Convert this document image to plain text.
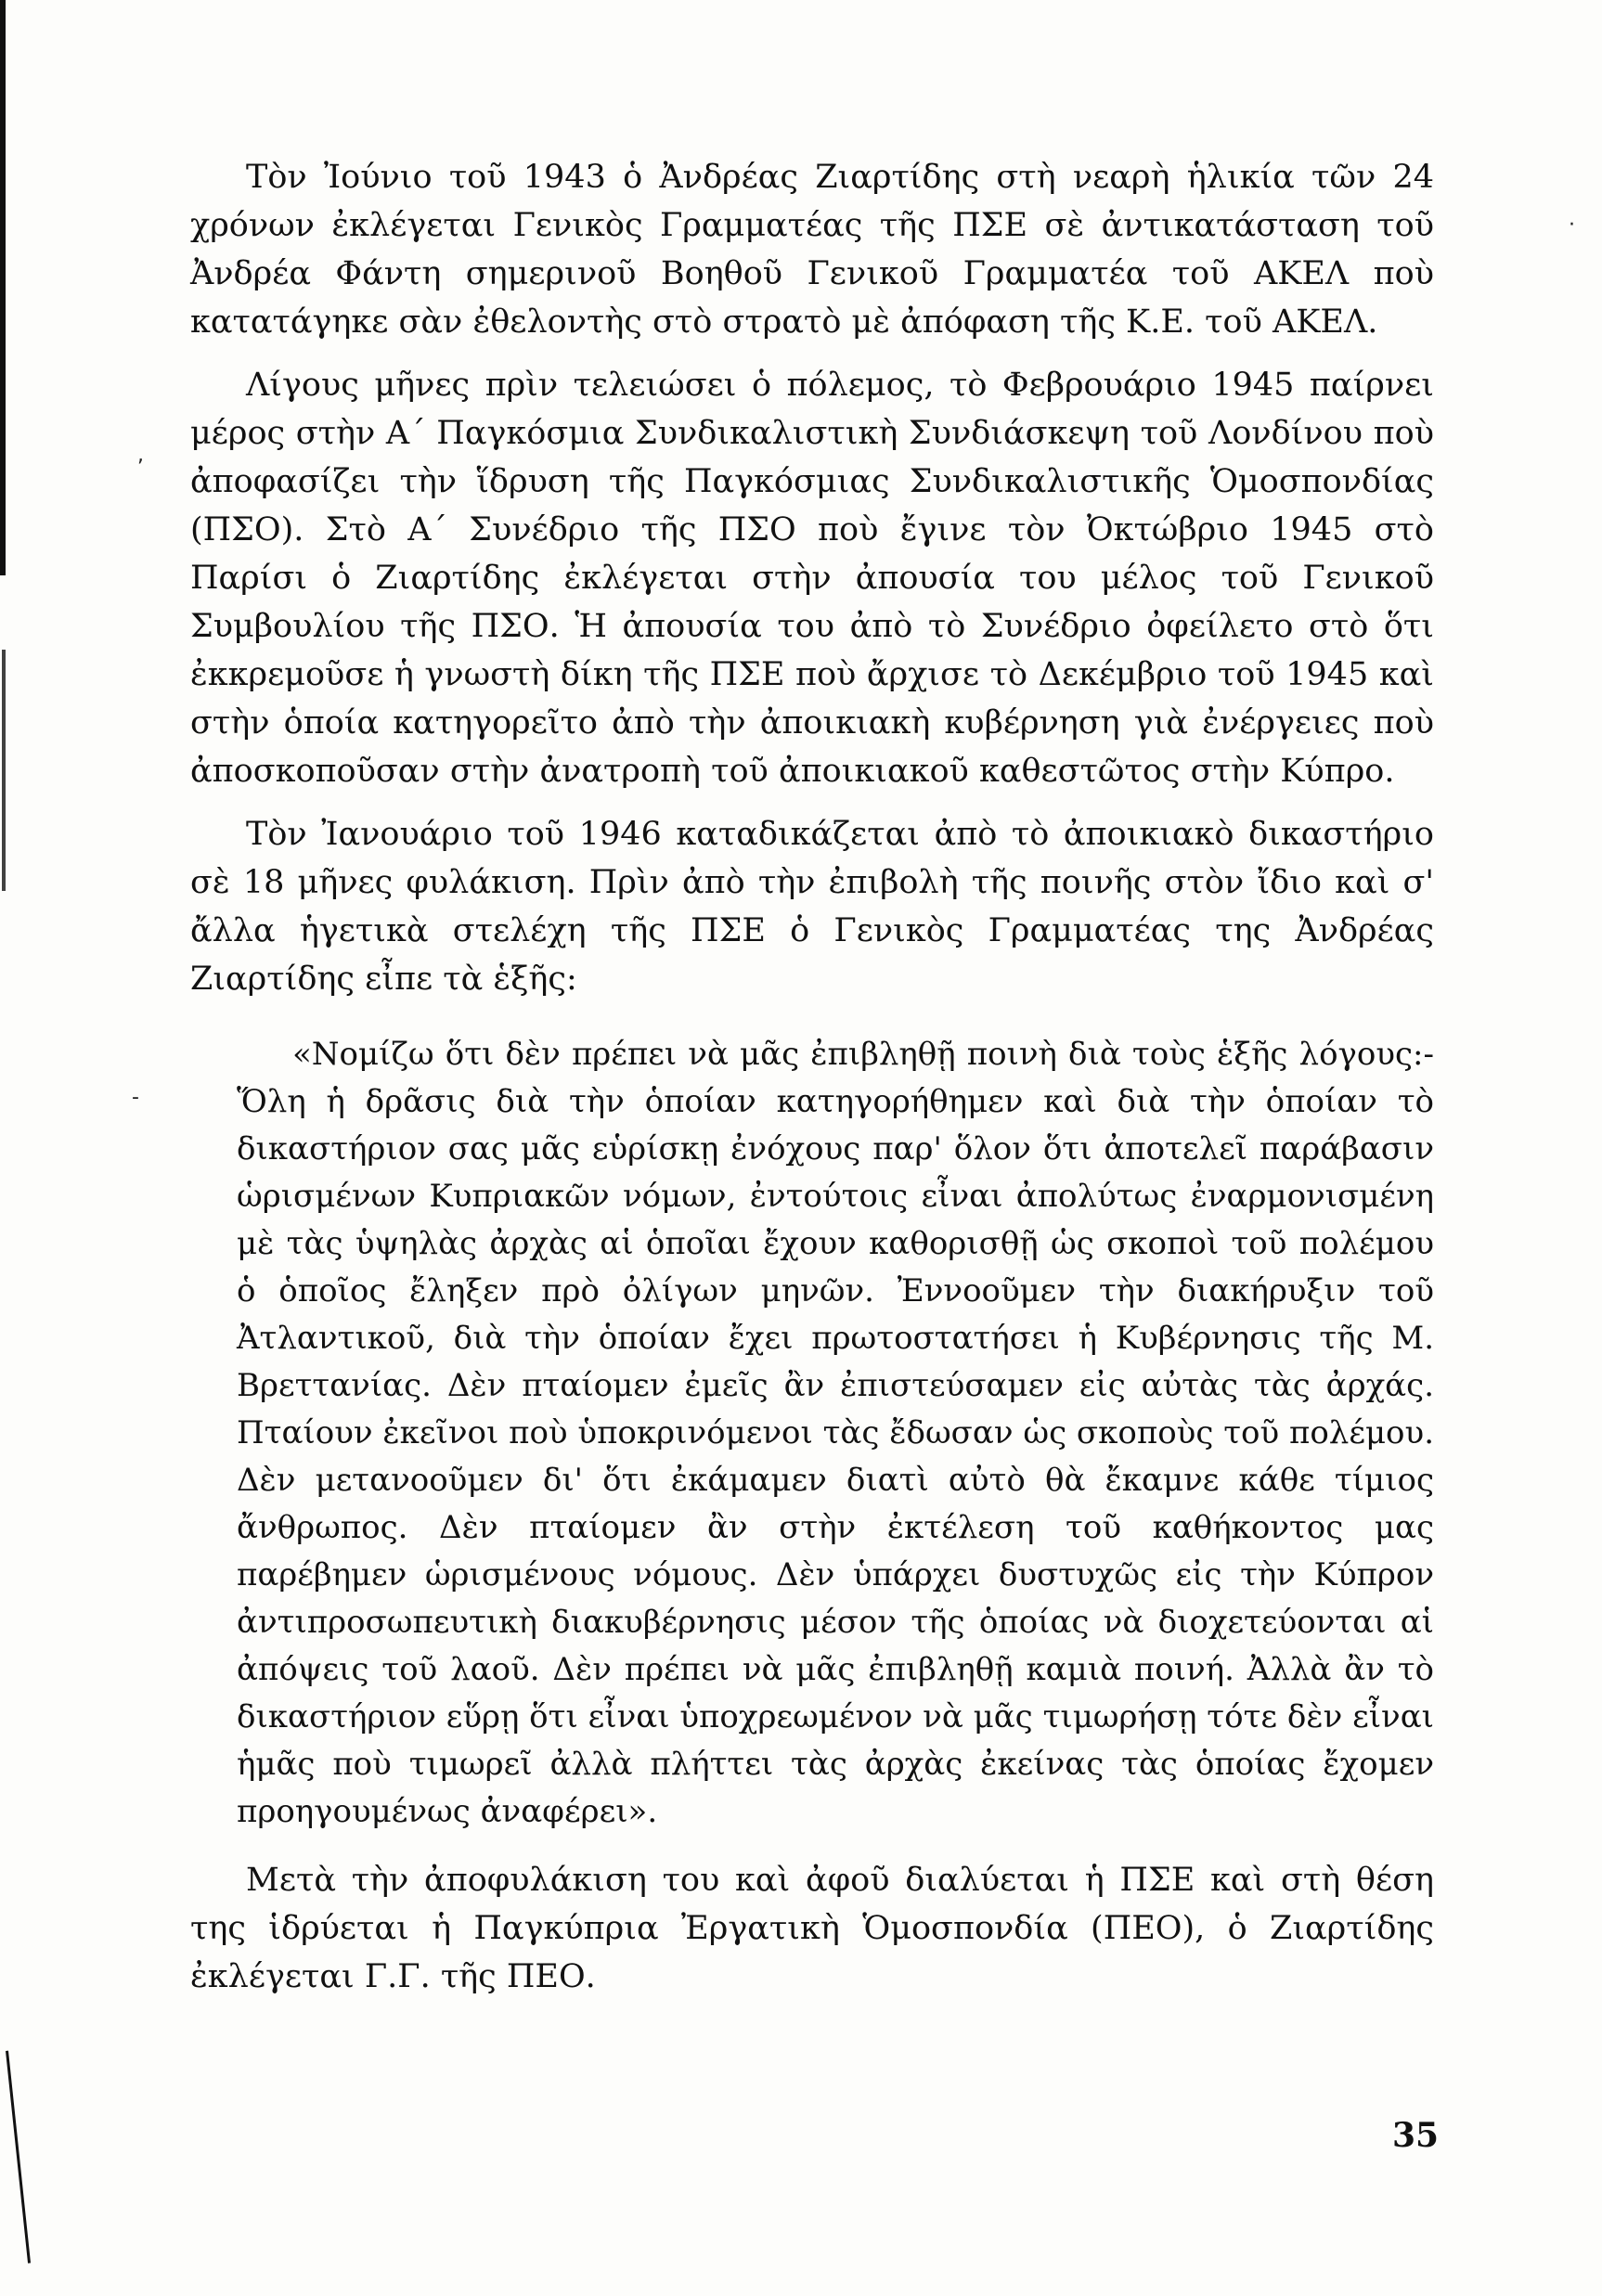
·
,
-

Τὸν Ἰούνιο τοῦ 1943 ὁ Ἀνδρέας Ζιαρτίδης στὴ νεαρὴ ἡλικία τῶν 24 χρόνων ἐκλέγεται Γενικὸς Γραμματέας τῆς ΠΣΕ σὲ ἀντικατάσταση τοῦ Ἀνδρέα Φάντη σημερινοῦ Βοηθοῦ Γενικοῦ Γραμματέα τοῦ ΑΚΕΛ ποὺ κατατάγηκε σὰν ἐθελοντὴς στὸ στρατὸ μὲ ἀπόφαση τῆς Κ.Ε. τοῦ ΑΚΕΛ.

Λίγους μῆνες πρὶν τελειώσει ὁ πόλεμος, τὸ Φεβρουάριο 1945 παίρνει μέρος στὴν Α΄ Παγκόσμια Συνδικαλιστικὴ Συνδιάσκεψη τοῦ Λονδίνου ποὺ ἀποφασίζει τὴν ἵδρυση τῆς Παγκόσμιας Συνδικαλιστικῆς Ὁμοσπονδίας (ΠΣΟ). Στὸ Α΄ Συνέδριο τῆς ΠΣΟ ποὺ ἔγινε τὸν Ὀκτώβριο 1945 στὸ Παρίσι ὁ Ζιαρτίδης ἐκλέγεται στὴν ἀπουσία του μέλος τοῦ Γενικοῦ Συμβουλίου τῆς ΠΣΟ. Ἡ ἀπουσία του ἀπὸ τὸ Συνέδριο ὀφείλετο στὸ ὅτι ἐκκρεμοῦσε ἡ γνωστὴ δίκη τῆς ΠΣΕ ποὺ ἄρχισε τὸ Δεκέμβριο τοῦ 1945 καὶ στὴν ὁποία κατηγορεῖτο ἀπὸ τὴν ἀποικιακὴ κυβέρνηση γιὰ ἐνέργειες ποὺ ἀποσκοποῦσαν στὴν ἀνατροπὴ τοῦ ἀποικιακοῦ καθεστῶτος στὴν Κύπρο.

Τὸν Ἰανουάριο τοῦ 1946 καταδικάζεται ἀπὸ τὸ ἀποικιακὸ δικαστήριο σὲ 18 μῆνες φυλάκιση. Πρὶν ἀπὸ τὴν ἐπιβολὴ τῆς ποινῆς στὸν ἴδιο καὶ σ' ἄλλα ἡγετικὰ στελέχη τῆς ΠΣΕ ὁ Γενικὸς Γραμματέας της Ἀνδρέας Ζιαρτίδης εἶπε τὰ ἑξῆς:

«Νομίζω ὅτι δὲν πρέπει νὰ μᾶς ἐπιβληθῇ ποινὴ διὰ τοὺς ἑξῆς λόγους:- Ὅλη ἡ δρᾶσις διὰ τὴν ὁποίαν κατηγορήθημεν καὶ διὰ τὴν ὁποίαν τὸ δικαστήριον σας μᾶς εὑρίσκῃ ἐνόχους παρ' ὅλον ὅτι ἀποτελεῖ παράβασιν ὡρισμένων Κυπριακῶν νόμων, ἐντούτοις εἶναι ἀπολύτως ἐναρμονισμένη μὲ τὰς ὑψηλὰς ἀρχὰς αἱ ὁποῖαι ἔχουν καθορισθῇ ὡς σκοποὶ τοῦ πολέμου ὁ ὁποῖος ἔληξεν πρὸ ὀλίγων μηνῶν. Ἐννοοῦμεν τὴν διακήρυξιν τοῦ Ἀτλαντικοῦ, διὰ τὴν ὁποίαν ἔχει πρωτοστατήσει ἡ Κυβέρνησις τῆς Μ. Βρεττανίας. Δὲν πταίομεν ἐμεῖς ἂν ἐπιστεύσαμεν εἰς αὐτὰς τὰς ἀρχάς. Πταίουν ἐκεῖνοι ποὺ ὑποκρινόμενοι τὰς ἔδωσαν ὡς σκοποὺς τοῦ πολέμου. Δὲν μετανοοῦμεν δι' ὅτι ἐκάμαμεν διατὶ αὐτὸ θὰ ἔκαμνε κάθε τίμιος ἄνθρωπος. Δὲν πταίομεν ἂν στὴν ἐκτέλεση τοῦ καθήκοντος μας παρέβημεν ὡρισμένους νόμους. Δὲν ὑπάρχει δυστυχῶς εἰς τὴν Κύπρον ἀντιπροσωπευτικὴ διακυβέρνησις μέσον τῆς ὁποίας νὰ διοχετεύονται αἱ ἀπόψεις τοῦ λαοῦ. Δὲν πρέπει νὰ μᾶς ἐπιβληθῇ καμιὰ ποινή. Ἀλλὰ ἂν τὸ δικαστήριον εὕρῃ ὅτι εἶναι ὑποχρεωμένον νὰ μᾶς τιμωρήσῃ τότε δὲν εἶναι ἡμᾶς ποὺ τιμωρεῖ ἀλλὰ πλήττει τὰς ἀρχὰς ἐκείνας τὰς ὁποίας ἔχομεν προηγουμένως ἀναφέρει».

Μετὰ τὴν ἀποφυλάκιση του καὶ ἀφοῦ διαλύεται ἡ ΠΣΕ καὶ στὴ θέση της ἱδρύεται ἡ Παγκύπρια Ἐργατικὴ Ὁμοσπονδία (ΠΕΟ), ὁ Ζιαρτίδης ἐκλέγεται Γ.Γ. τῆς ΠΕΟ.

35
